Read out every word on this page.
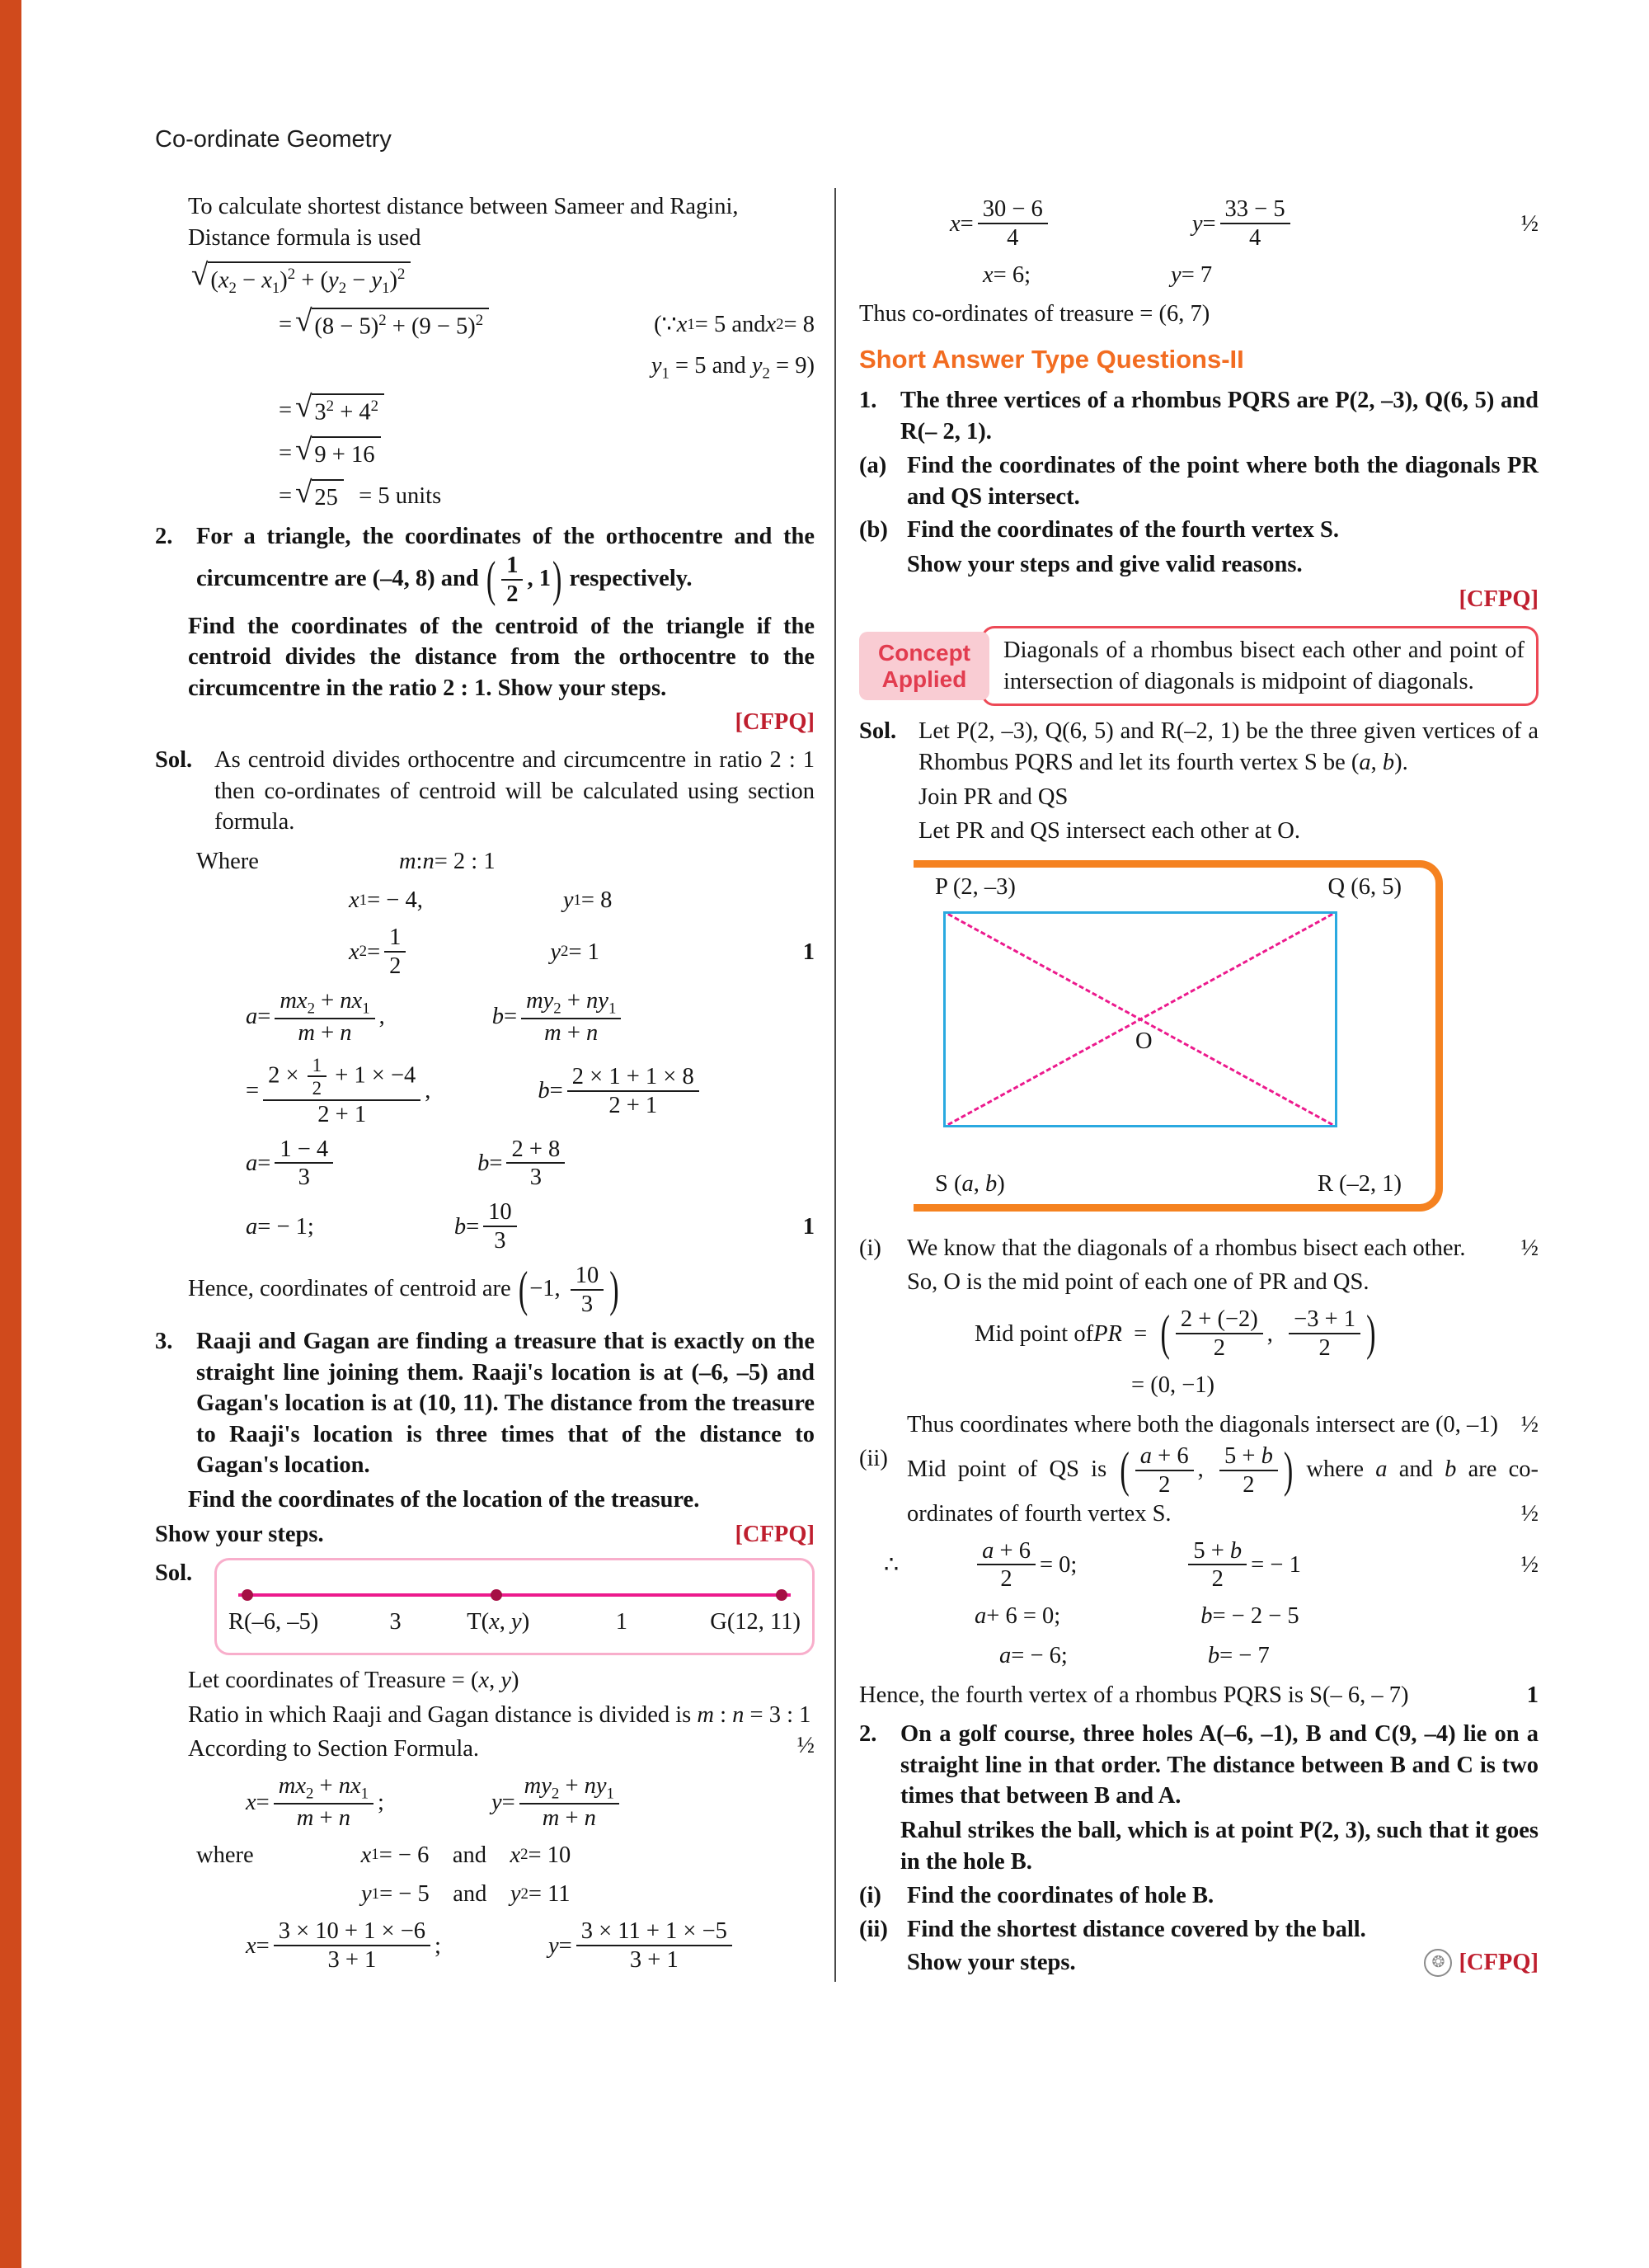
Co-ordinate Geometry
To calculate shortest distance between Sameer and Ragini,
Distance formula is used
√ $(x_2 - x_1)^2 + (y_2 - y_1)^2$
= √ $(8 - 5)^2 + (9 - 5)^2$	(∵ x 1 = 5 and x 2 = 8
$y_1 = 5$ and $y_2 = 9$)
= √ $3^2 + 4^2$
= √ 9 + 16
= √ 25  = 5 units
2.	For a triangle, the coordinates of the orthocentre and the circumcentre are (–4, 8) and ( $\frac{1}{2}$ , 1) respectively.
Find the coordinates of the centroid of the triangle if the centroid divides the distance from the orthocentre to the circumcentre in the ratio 2 : 1. Show your steps.
[CFPQ]
Sol. As centroid divides orthocentre and circumcentre in ratio 2 : 1 then co-ordinates of centroid will be calculated using section formula.
Where	m : n = 2 : 1
x 1 = − 4,	y 1 = 8
x 2 =
1
2
y 2 = 1	1
a =
$mx_2 + nx_1$
m + n
,	b =
$my_2 + ny_1$
m + n
=
$2 \times \frac{1}{2} + 1 \times -4$
2 + 1
,	b =
2 × 1 + 1 × 8
2 + 1
a =
1 − 4
3
b =
2 + 8
3
a = − 1;	b =
10
3
1
Hence, coordinates of centroid are (−1, $\frac{10}{3}$ )
3.	Raaji and Gagan are finding a treasure that is exactly on the straight line joining them. Raaji's location is at (–6, –5) and Gagan's location is at (10, 11). The distance from the treasure to Raaji's location is three times that of the distance to Gagan's location.
Find the coordinates of the location of the treasure.
Show your steps.	[CFPQ]
Sol.
R(–6, –5)	3	T(x, y)	1	G(12, 11)
Let coordinates of Treasure = (x, y)
Ratio in which Raaji and Gagan distance is divided is m : n = 3 : 1
½
According to Section Formula.
x =
$mx_2 + nx_1$
m + n
;	y =
$my_2 + ny_1$
m + n
where	x 1 = − 6 and  x 2 = 10
y 1 = − 5 and  y 2 = 11
x =
3 × 10 + 1 × −6
3 + 1
;	y =
3 × 11 + 1 × −5
3 + 1
x =
30 − 6
4
y =
33 − 5
4
½
x = 6;	y = 7
Thus co-ordinates of treasure = (6, 7)
Short Answer Type Questions-II
1.	The three vertices of a rhombus PQRS are P(2, –3), Q(6, 5) and R(– 2, 1).
(a) Find the coordinates of the point where both the diagonals PR and QS intersect.
(b) Find the coordinates of the fourth vertex S.
Show your steps and give valid reasons.
[CFPQ]
Concept Applied
Diagonals of a rhombus bisect each other and point of intersection of diagonals is midpoint of diagonals.
Sol. Let P(2, –3), Q(6, 5) and R(–2, 1) be the three given vertices of a Rhombus PQRS and let its fourth vertex S be (a, b).
Join PR and QS
Let PR and QS intersect each other at O.
P (2, –3)	Q (6, 5)
S (a, b)	R (–2, 1)
O
(i)	We know that the diagonals of a rhombus bisect each other. ½
So, O is the mid point of each one of PR and QS.
Mid point of PR  =  ( 2 + (−2)
2
, 
−3 + 1
2	)
= (0, −1)
Thus coordinates where both the diagonals intersect are (0, –1) ½
(ii) Mid point of QS is ( $\frac{a + 6}{2}$ ,  $\frac{5 + b}{2}$ ) where a and b are co-ordinates of fourth vertex S.	½
∴
a + 6
2
= 0;
5 + b
2
= − 1	½
a + 6 = 0;	b = − 2 − 5
a = − 6;	b = − 7
Hence, the fourth vertex of a rhombus PQRS is S(– 6, – 7)	1
2.	On a golf course, three holes A(–6, –1), B and C(9, –4) lie on a straight line in that order. The distance between B and C is two times that between B and A.
Rahul strikes the ball, which is at point P(2, 3), such that it goes in the hole B.
(i)	Find the coordinates of hole B.
(ii) Find the shortest distance covered by the ball.
Show your steps.	❂ [CFPQ]
